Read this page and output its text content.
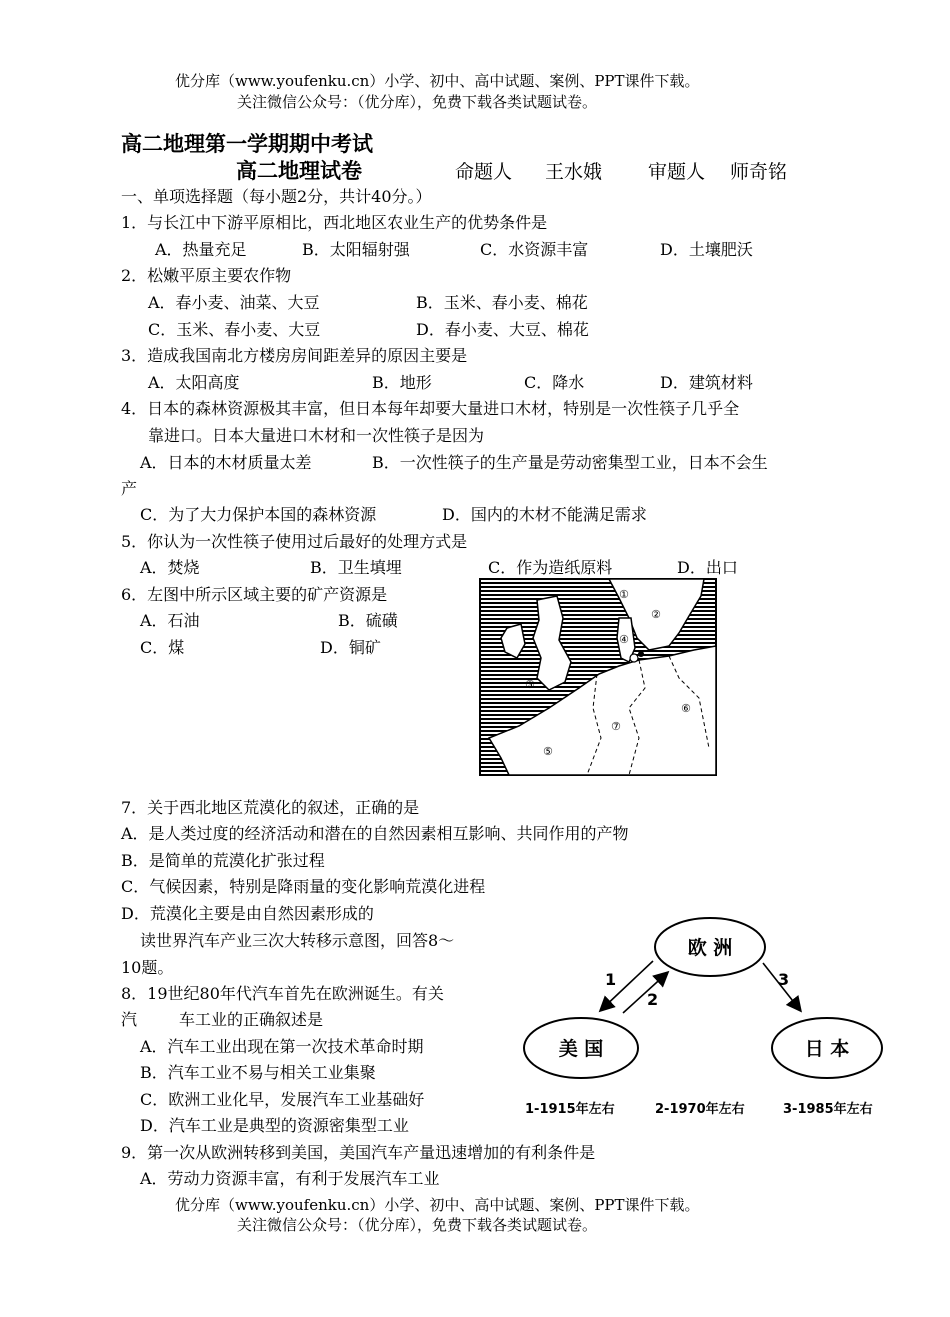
优分库（www.youfenku.cn）小学、初中、高中试题、案例、PPT课件下载。
关注微信公众号：（优分库），免费下载各类试题试卷。
高二地理第一学期期中考试
高二地理试卷	命题人 王水娥 审题人 师奇铭
一、单项选择题（每小题2分，共计40分。）
1．与长江中下游平原相比，西北地区农业生产的优势条件是
A．热量充足	B．太阳辐射强	C．水资源丰富	D．土壤肥沃
2．松嫩平原主要农作物
A．春小麦、油菜、大豆	B．玉米、春小麦、棉花
C．玉米、春小麦、大豆	D．春小麦、大豆、棉花
3．造成我国南北方楼房房间距差异的原因主要是
A．太阳高度	B．地形	C．降水	D．建筑材料
4．日本的森林资源极其丰富，但日本每年却要大量进口木材，特别是一次性筷子几乎全
靠进口。日本大量进口木材和一次性筷子是因为
A．日本的木材质量太差	B．一次性筷子的生产量是劳动密集型工业，日本不会生
产
C．为了大力保护本国的森林资源	D．国内的木材不能满足需求
5．你认为一次性筷子使用过后最好的处理方式是
A．焚烧	B．卫生填埋	C．作为造纸原料	D．出口
6．左图中所示区域主要的矿产资源是
A．石油	B．硫磺
C．煤	D．铜矿
①
②
③
④
⑤
⑥
⑦
7．关于西北地区荒漠化的叙述，正确的是
A．是人类过度的经济活动和潜在的自然因素相互影响、共同作用的产物
B．是简单的荒漠化扩张过程
C．气候因素，特别是降雨量的变化影响荒漠化进程
D．荒漠化主要是由自然因素形成的
读世界汽车产业三次大转移示意图，回答8～
10题。
8．19世纪80年代汽车首先在欧洲诞生。有关
汽	车工业的正确叙述是
A．汽车工业出现在第一次技术革命时期
B．汽车工业不易与相关工业集聚
C．欧洲工业化早，发展汽车工业基础好
D．汽车工业是典型的资源密集型工业
欧 洲
美 国	日 本
1
2
3
1-1915年左右	2-1970年左右	3-1985年左右
9．第一次从欧洲转移到美国，美国汽车产量迅速增加的有利条件是
A．劳动力资源丰富，有利于发展汽车工业
优分库（www.youfenku.cn）小学、初中、高中试题、案例、PPT课件下载。
关注微信公众号：（优分库），免费下载各类试题试卷。
